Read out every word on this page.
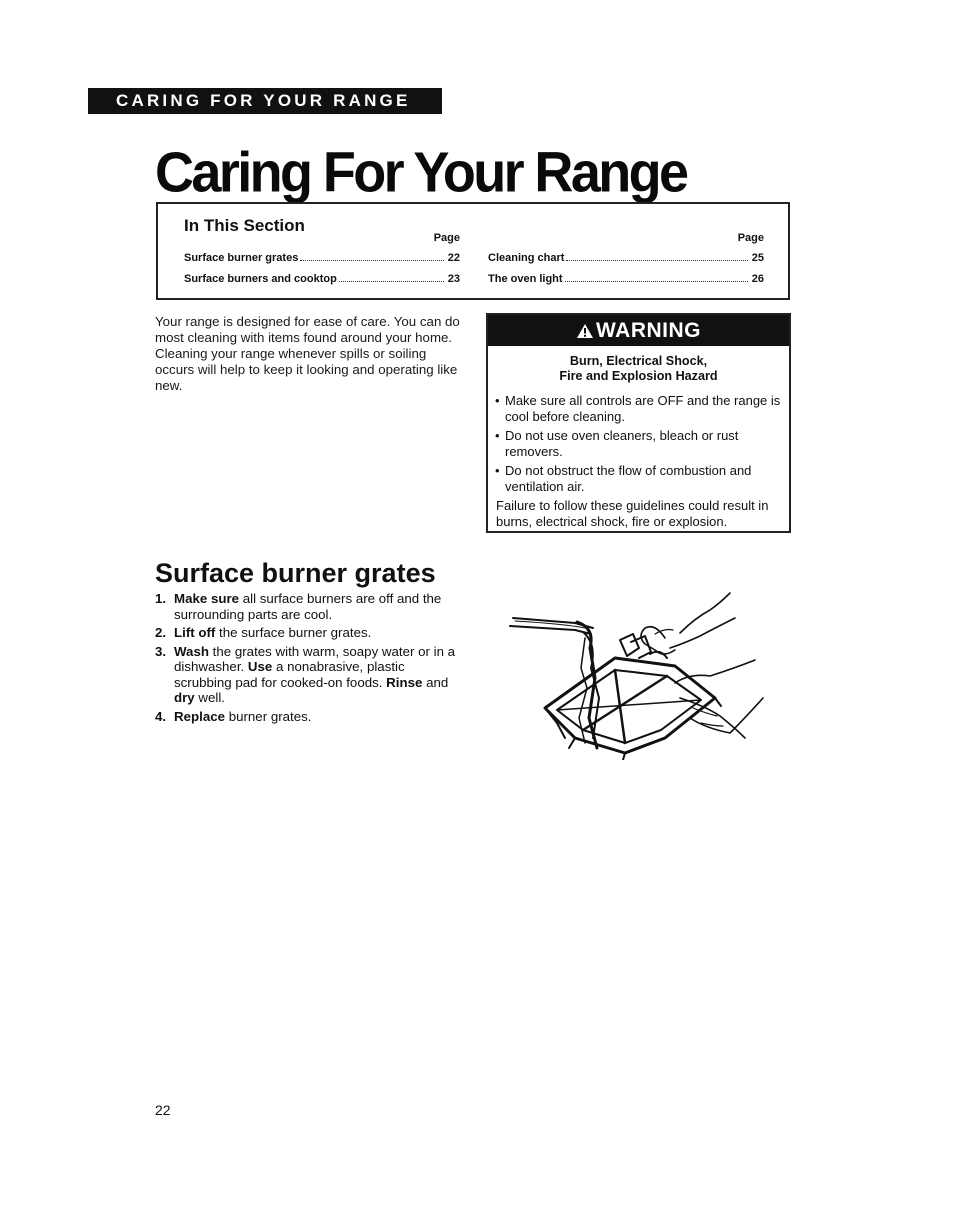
CARING FOR YOUR RANGE
Caring For Your Range
In This Section
Page
Surface burner grates	22
Surface burners and cooktop	23
Page
Cleaning chart	25
The oven light	26

Your range is designed for ease of care. You can do most cleaning with items found around your home. Cleaning your range whenever spills or soiling occurs will help to keep it looking and operating like new.

WARNING
Burn, Electrical Shock,
Fire and Explosion Hazard
• Make sure all controls are OFF and the range is cool before cleaning.
• Do not use oven cleaners, bleach or rust removers.
• Do not obstruct the flow of combustion and ventilation air.
Failure to follow these guidelines could result in burns, electrical shock, fire or explosion.
Surface burner grates
1. Make sure all surface burners are off and the surrounding parts are cool.
2. Lift off the surface burner grates.
3. Wash the grates with warm, soapy water or in a dishwasher. Use a nonabrasive, plastic scrubbing pad for cooked-on foods. Rinse and dry well.
4. Replace burner grates.
22
